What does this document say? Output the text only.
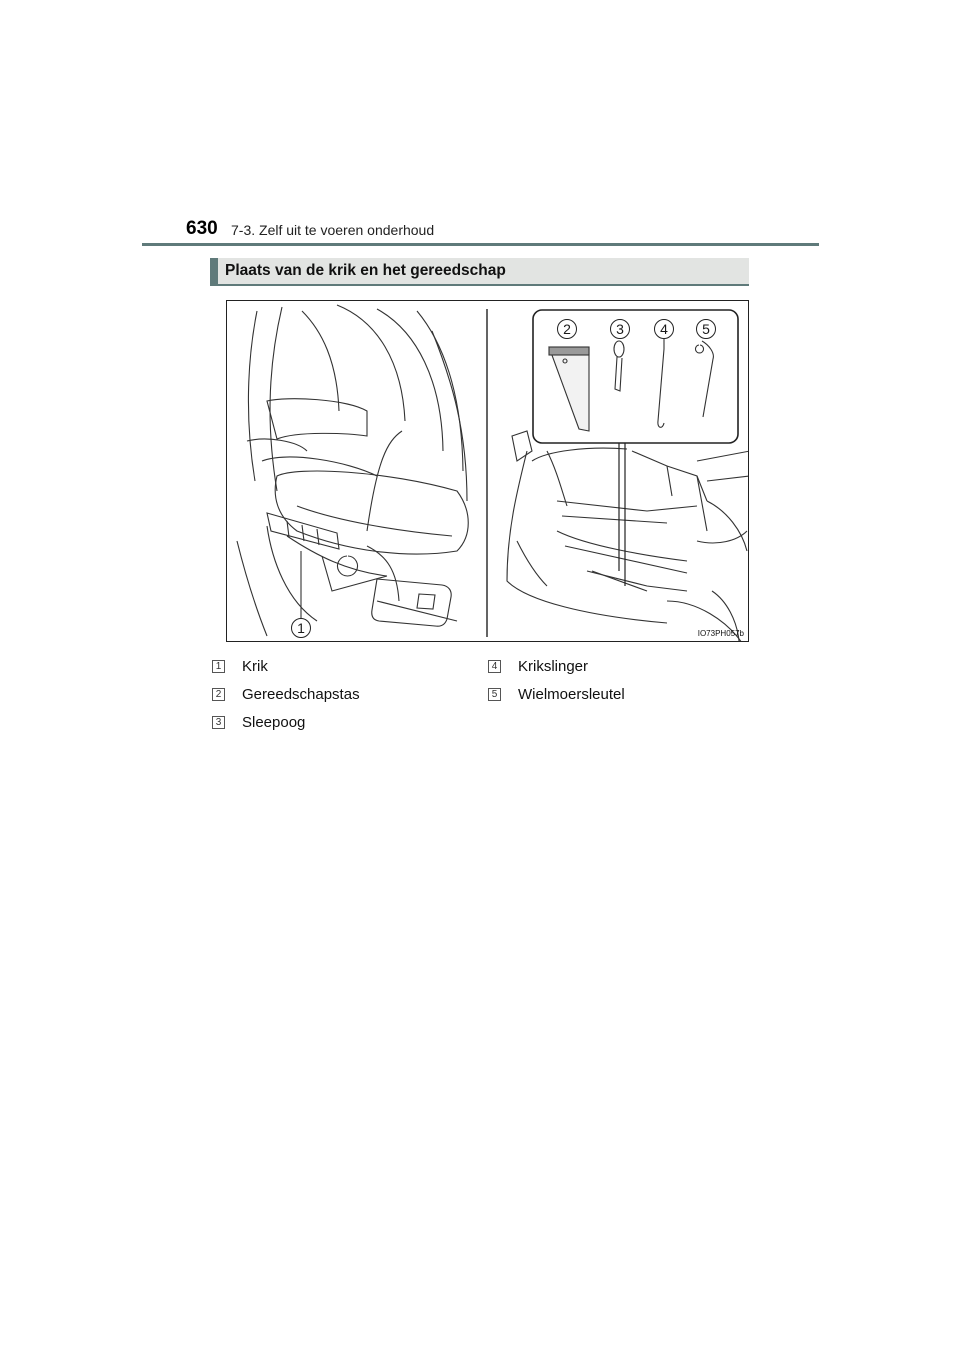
630 7-3. Zelf uit te voeren onderhoud
Plaats van de krik en het gereedschap
1
2	3	4	5
IO73PH057b
1 Krik
2 Gereedschapstas
3 Sleepoog
4 Krikslinger
5 Wielmoersleutel
